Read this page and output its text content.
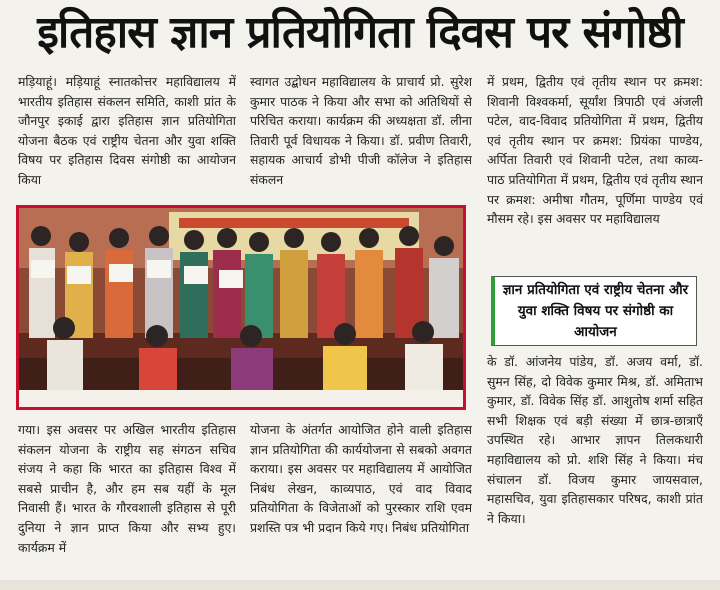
इतिहास ज्ञान प्रतियोगिता दिवस पर संगोष्ठी

मड़ियाहूं। मड़ियाहूं स्नातकोत्तर महाविद्यालय में भारतीय इतिहास संकलन समिति, काशी प्रांत के जौनपुर इकाई द्वारा इतिहास ज्ञान प्रतियोगिता योजना बैठक एवं राष्ट्रीय चेतना और युवा शक्ति विषय पर इतिहास दिवस संगोष्ठी का आयोजन किया

स्वागत उद्बोधन महाविद्यालय के प्राचार्य प्रो. सुरेश कुमार पाठक ने किया और सभा को अतिथियों से परिचित कराया। कार्यक्रम की अध्यक्षता डॉ. लीना तिवारी पूर्व विधायक ने किया। डॉ. प्रवीण तिवारी, सहायक आचार्य डोभी पीजी कॉलेज ने इतिहास संकलन

में प्रथम, द्वितीय एवं तृतीय स्थान पर क्रमश: शिवानी विश्वकर्मा, सूर्यांश त्रिपाठी एवं अंजली पटेल, वाद-विवाद प्रतियोगिता में प्रथम, द्वितीय एवं तृतीय स्थान पर क्रमश: प्रियंका पाण्डेय, अर्पिता तिवारी एवं शिवानी पटेल, तथा काव्य-पाठ प्रतियोगिता में प्रथम, द्वितीय एवं तृतीय स्थान पर क्रमश: अमीषा गौतम, पूर्णिमा पाण्डेय एवं मौसम रहे। इस अवसर पर महाविद्यालय

ज्ञान प्रतियोगिता एवं राष्ट्रीय चेतना और युवा शक्ति विषय पर संगोष्ठी का आयोजन

के डॉ. आंजनेय पांडेय, डॉ. अजय वर्मा, डॉ. सुमन सिंह, दो विवेक कुमार मिश्र, डॉ. अमिताभ कुमार, डॉ. विवेक सिंह डॉ. आशुतोष शर्मा सहित सभी शिक्षक एवं बड़ी संख्या में छात्र-छात्राएँ उपस्थित रहे। आभार ज्ञापन तिलकधारी महाविद्यालय को प्रो. शशि सिंह ने किया। मंच संचालन डॉ. विजय कुमार जायसवाल, महासचिव, युवा इतिहासकार परिषद, काशी प्रांत ने किया।

गया। इस अवसर पर अखिल भारतीय इतिहास संकलन योजना के राष्ट्रीय सह संगठन सचिव संजय ने कहा कि भारत का इतिहास विश्व में सबसे प्राचीन है, और हम सब यहीं के मूल निवासी हैं। भारत के गौरवशाली इतिहास से पूरी दुनिया ने ज्ञान प्राप्त किया और सभ्य हुए। कार्यक्रम में

योजना के अंतर्गत आयोजित होने वाली इतिहास ज्ञान प्रतियोगिता की कार्ययोजना से सबको अवगत कराया। इस अवसर पर महाविद्यालय में आयोजित निबंध लेखन, काव्यपाठ, एवं वाद विवाद प्रतियोगिता के विजेताओं को पुरस्कार राशि एवम प्रशस्ति पत्र भी प्रदान किये गए। निबंध प्रतियोगिता
